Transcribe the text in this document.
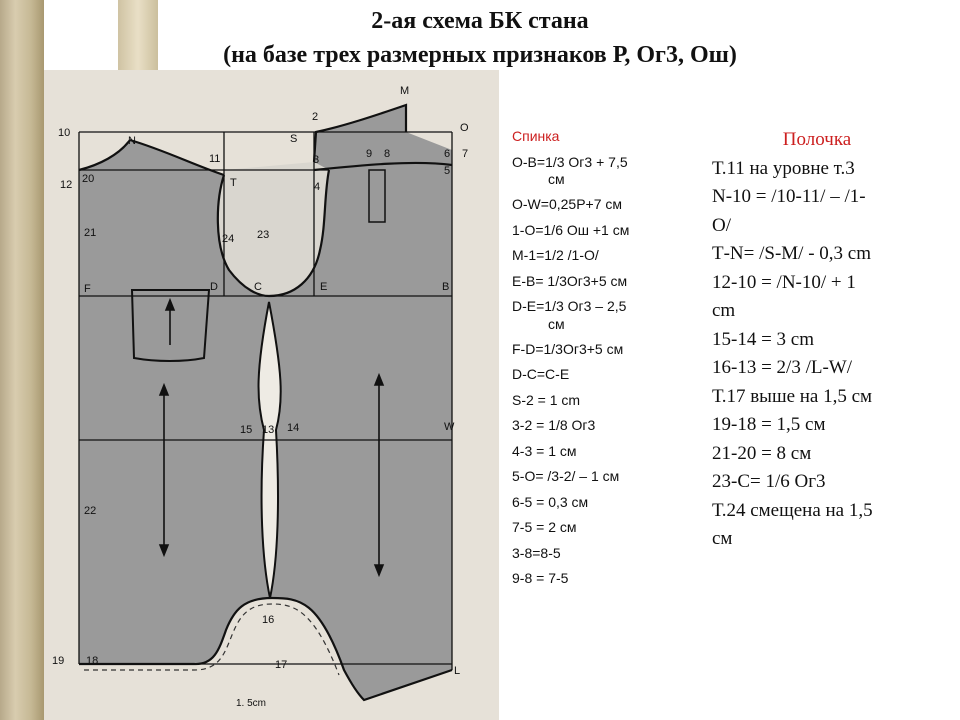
2-ая схема БК стана
(на базе трех размерных признаков Р, Ог3, Ош)
10
N
11
T
12 20
21	24 23
F	D	C	E	B
15 13 14	W
22
16
19 18	17	L
S
2
M
O
3	9 8	6 7
4
5
1. 5cm
Спинка
О-В=1/3 Ог3 + 7,5
см
О-W=0,25Р+7 см
1-О=1/6 Ош +1 см
М-1=1/2 /1-О/
Е-В= 1/3Ог3+5 см
D-Е=1/3 Ог3 – 2,5
см
F-D=1/3Ог3+5 см
D-С=С-Е
S-2 = 1 cm
3-2 = 1/8 Ог3
4-3 = 1 см
5-О= /3-2/ – 1 см
6-5 = 0,3 см
7-5 = 2 см
3-8=8-5
9-8 = 7-5
Полочка
Т.11 на уровне т.3
N-10 = /10-11/ – /1-
О/
Т-N= /S-М/ - 0,3 cm
12-10 = /N-10/ + 1
cm
15-14 = 3 cm
16-13 = 2/3 /L-W/
Т.17 выше на 1,5 см
19-18 = 1,5 см
21-20 = 8 см
23-С= 1/6 Ог3
Т.24 смещена на 1,5
см
